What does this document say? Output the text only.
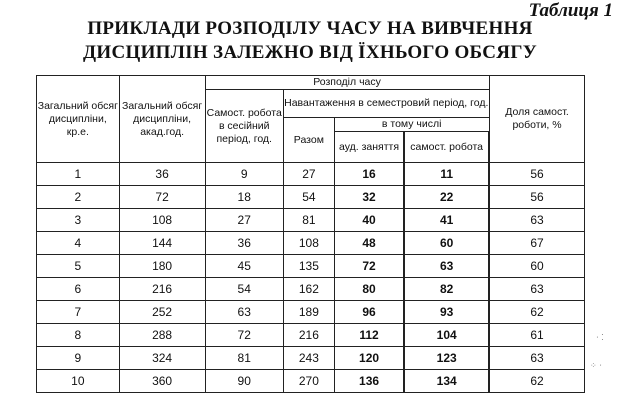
Таблиця 1
ПРИКЛАДИ РОЗПОДІЛУ ЧАСУ НА ВИВЧЕННЯ
ДИСЦИПЛІН ЗАЛЕЖНО ВІД ЇХНЬОГО ОБСЯГУ
Загальний обсяг дисципліни, кр.е.	Загальний обсяг дисципліни, акад.год.	Розподіл часу				Доля самост. роботи, %
		Самост. робота в сесійний період, год.	Навантаження в семестровий період, год.			
			Разом	в тому числі		
				ауд. заняття	самост. робота	
1	36	9	27	16	11	56
2	72	18	54	32	22	56
3	108	27	81	40	41	63
4	144	36	108	48	60	67
5	180	45	135	72	63	60
6	216	54	162	80	82	63
7	252	63	189	96	93	62
8	288	72	216	112	104	61
9	324	81	243	120	123	63
10	360	90	270	136	134	62
⋅ ⁚
⁘ ⋅
